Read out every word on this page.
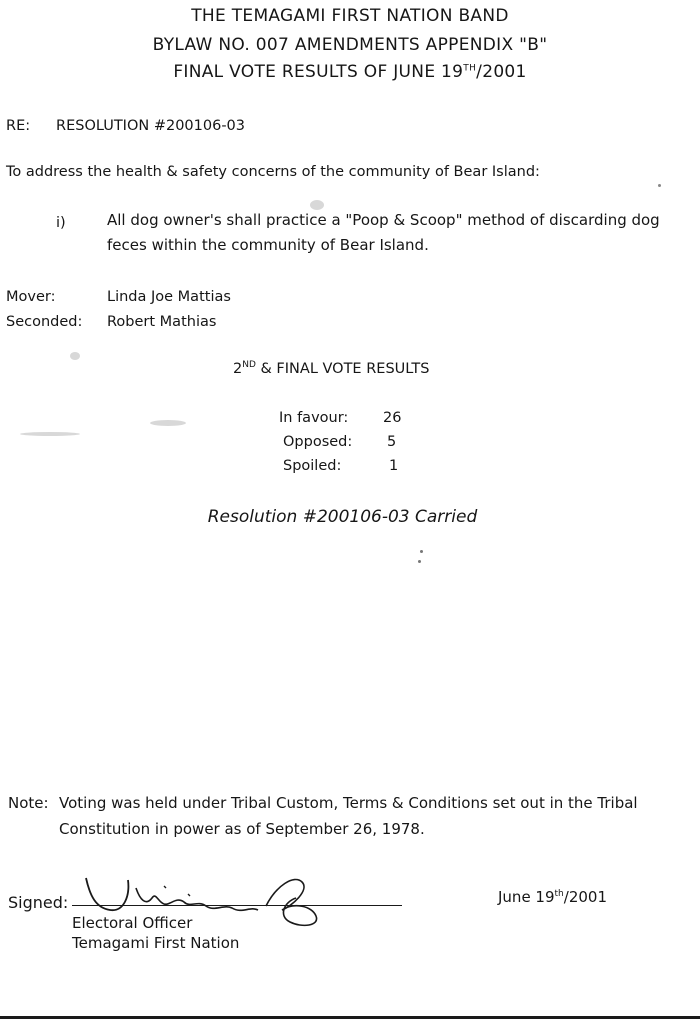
THE TEMAGAMI FIRST NATION BAND
BYLAW NO. 007 AMENDMENTS APPENDIX "B"
FINAL VOTE RESULTS OF JUNE 19TH/2001
RE: RESOLUTION #200106-03
To address the health & safety concerns of the community of Bear Island:
i)	All dog owner's shall practice a "Poop & Scoop" method of discarding dog feces within the community of Bear Island.
Mover:	Linda Joe Mattias
Seconded: Robert Mathias
2ND & FINAL VOTE RESULTS
In favour: 26
Opposed: 5
Spoiled:	1
Resolution #200106-03 Carried
Note: Voting was held under Tribal Custom, Terms & Conditions set out in the Tribal
Constitution in power as of September 26, 1978.
Signed:
Electoral Officer
Temagami First Nation
June 19th/2001
